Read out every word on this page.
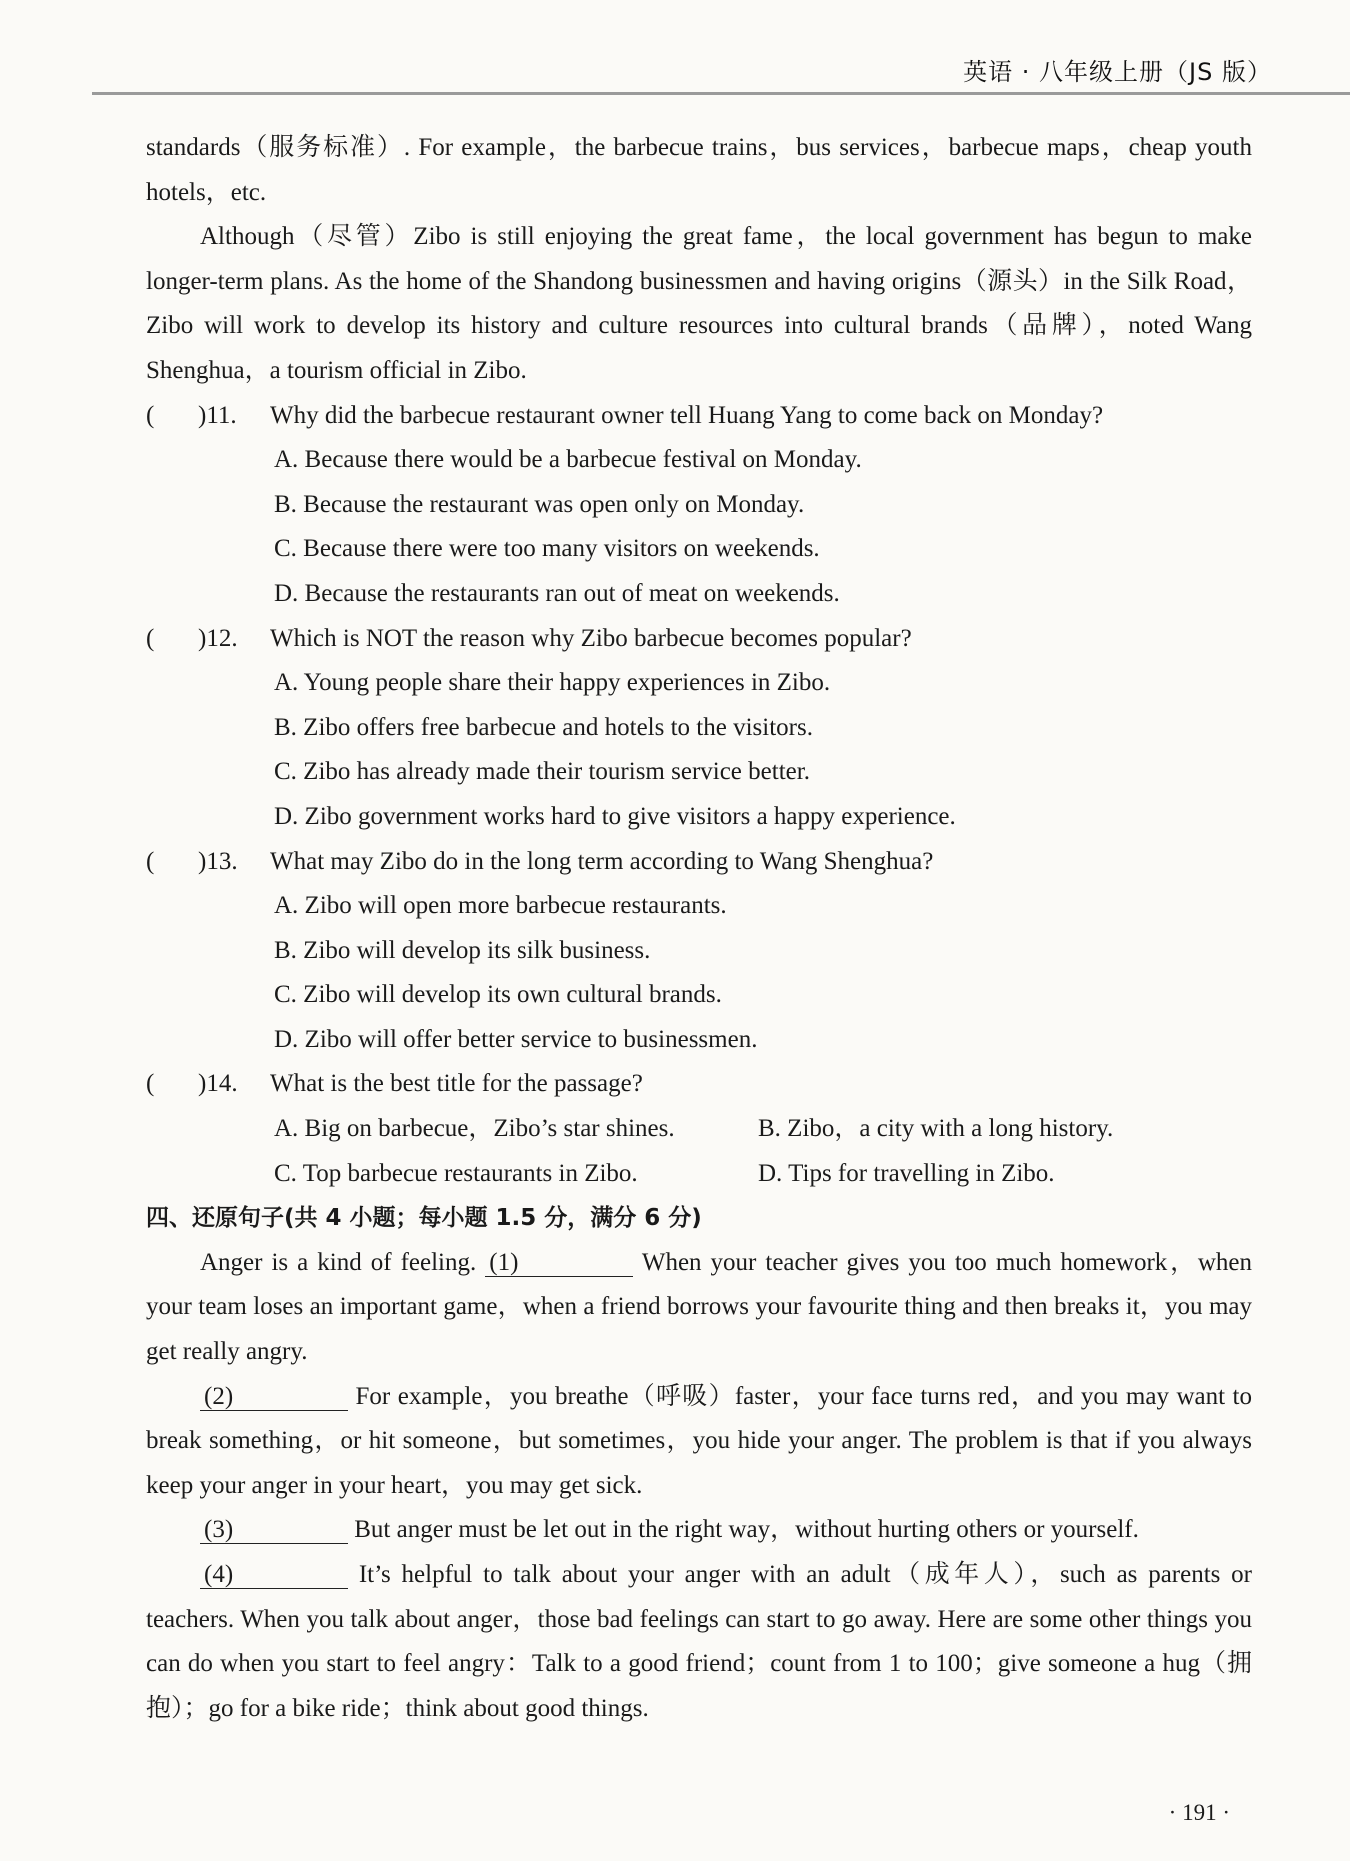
英语 · 八年级上册（JS 版）

standards（服务标准）. For example，the barbecue trains，bus services，barbecue maps，cheap youth hotels，etc.

Although（尽管）Zibo is still enjoying the great fame，the local government has begun to make longer-term plans. As the home of the Shandong businessmen and having origins（源头）in the Silk Road，Zibo will work to develop its history and culture resources into cultural brands（品牌），noted Wang Shenghua，a tourism official in Zibo.

( )11. Why did the barbecue restaurant owner tell Huang Yang to come back on Monday?

A. Because there would be a barbecue festival on Monday.

B. Because the restaurant was open only on Monday.

C. Because there were too many visitors on weekends.

D. Because the restaurants ran out of meat on weekends.

( )12. Which is NOT the reason why Zibo barbecue becomes popular?

A. Young people share their happy experiences in Zibo.

B. Zibo offers free barbecue and hotels to the visitors.

C. Zibo has already made their tourism service better.

D. Zibo government works hard to give visitors a happy experience.

( )13. What may Zibo do in the long term according to Wang Shenghua?

A. Zibo will open more barbecue restaurants.

B. Zibo will develop its silk business.

C. Zibo will develop its own cultural brands.

D. Zibo will offer better service to businessmen.

( )14. What is the best title for the passage?

A. Big on barbecue，Zibo’s star shines.	B. Zibo，a city with a long history.
C. Top barbecue restaurants in Zibo.	D. Tips for travelling in Zibo.

四、还原句子(共 4 小题；每小题 1.5 分，满分 6 分)

Anger is a kind of feeling. (1)	When your teacher gives you too much homework，when your team loses an important game，when a friend borrows your favourite thing and then breaks it，you may get really angry.

(2)	For example，you breathe（呼吸）faster，your face turns red，and you may want to break something，or hit someone，but sometimes，you hide your anger. The problem is that if you always keep your anger in your heart，you may get sick.

(3)	But anger must be let out in the right way，without hurting others or yourself.

(4)	It’s helpful to talk about your anger with an adult（成年人），such as parents or teachers. When you talk about anger，those bad feelings can start to go away. Here are some other things you can do when you start to feel angry：Talk to a good friend；count from 1 to 100；give someone a hug（拥抱）；go for a bike ride；think about good things.

· 191 ·
